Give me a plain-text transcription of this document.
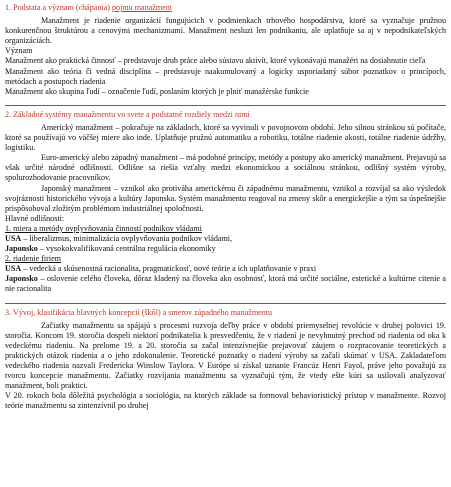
1. Podstata a význam (chápania) pojmu manažment

Manažment je riadenie organizácií fungujúcich v podmienkach trhového hospodárstva, ktoré sa vyznačuje pružnou konkurenčnou štruktúrou a cenovými mechanizmami. Manažment nesluzi len podnikaniu, ale uplatňuje sa aj v nepodnikateľských organizáciách.

Význam

Manažment ako praktická činnosť – predstavuje druh práce alebo sústavu aktivít, ktoré vykonávajú manažéri na dosiahnutie cieľa

Manažment ako teória či vedná disciplína – predstavuje naakumulovaný a logicky usporiadaný súbor poznatkov o princípoch, metódach a postupoch riadenia

Manažment ako skupina ľudí – označenie ľudí, poslaním ktorých je plniť manažérske funkcie

2. Základné systémy manažmentu vo svete a podstatné rozdiely medzi nimi

Americký manažment – pokračuje na základoch, ktoré sa vyvinuli v povojnovom období. Jeho silnou stránkou sú počítače, ktoré sa používajú vo väčšej miere ako inde. Uplatňuje pružnú automatiku a robotiku, totálne riadenie akosti, totálne riadenie údržby, logistiku.

Euro-americký alebo západný manažment – má podobné princípy, metódy a postupy ako americký manažment. Prejavujú sa však určité národné odlišnosti. Odlišne sa riešia vzťahy medzi ekonomickou a sociálnou stránkou, odlišný systém výroby, spolurozhodovanie pracovníkov.

Japonský manažment – vznikol ako protiváha americkému či západnému manažmentu, vznikol a rozvíjal sa ako výsledok svojráznosti historického vývoja a kultúry Japonska. Systém manažmentu reagoval na zmeny skôr a energickejšie a tým sa úspešnejšie prispôsoboval zložitým problémom industriálnej spoločnosti.

Hlavné odlišnosti:

1. miera a metódy ovplyvňovania činností podnikov vládami

USA – liberalizmus, minimalizácia ovplyvňovania podnikov vládami,

Japonsko – vysokokvalifikovaná centrálna regulácia ekonomiky

2. riadenie firiem

USA – vedecká a skúsenostná racionalita, pragmatickosť, nové teórie a ich uplatňovanie v praxi

Japonsko – oslovenie celého človeka, dôraz kladený na človeka ako osobnosť, ktorá má určité sociálne, estetické a kultúrne citenie a nie racionalita

3. Vývoj, klasifikácia hlavných koncepcií (škôl) a smerov západného manažmentu

Začiatky manažmentu sa spájajú s procesmi rozvoja deľby práce v období priemyselnej revolúcie v druhej polovici 19. storočia. Koncom 19. storočia dospeli niektorí podnikatelia k presvedčeniu, že v riadení je nevyhnutný prechod od riadenia od oka k vedeckému riadeniu. Na prelome 19. a 20. storočia sa začal intenzívnejšie prejavovať záujem o rozpracovanie teoretických a praktických otázok riadenia a o jeho zdokonalenie. Teoretické poznatky o riadení výroby sa začali skúmať v USA. Zakladateľom vedeckého riadenia nazvali Fredericka Winslow Taylora. V Európe si získal uznanie Francúz Henri Fayol, práve jeho považujú za tvorcu koncepcie manažmentu. Začiatky rozvíjania manažmentu sa vyznačujú tým, že vtedy ešte kúri sa usilovali analyzovať manažment, boli praktici.

V 20. rokoch bola dôležitá psychológia a sociológia, na ktorých základe sa formoval behavioristický prístup v manažmente. Rozvoj teórie manažmentu sa zintenzívnil po druhej
